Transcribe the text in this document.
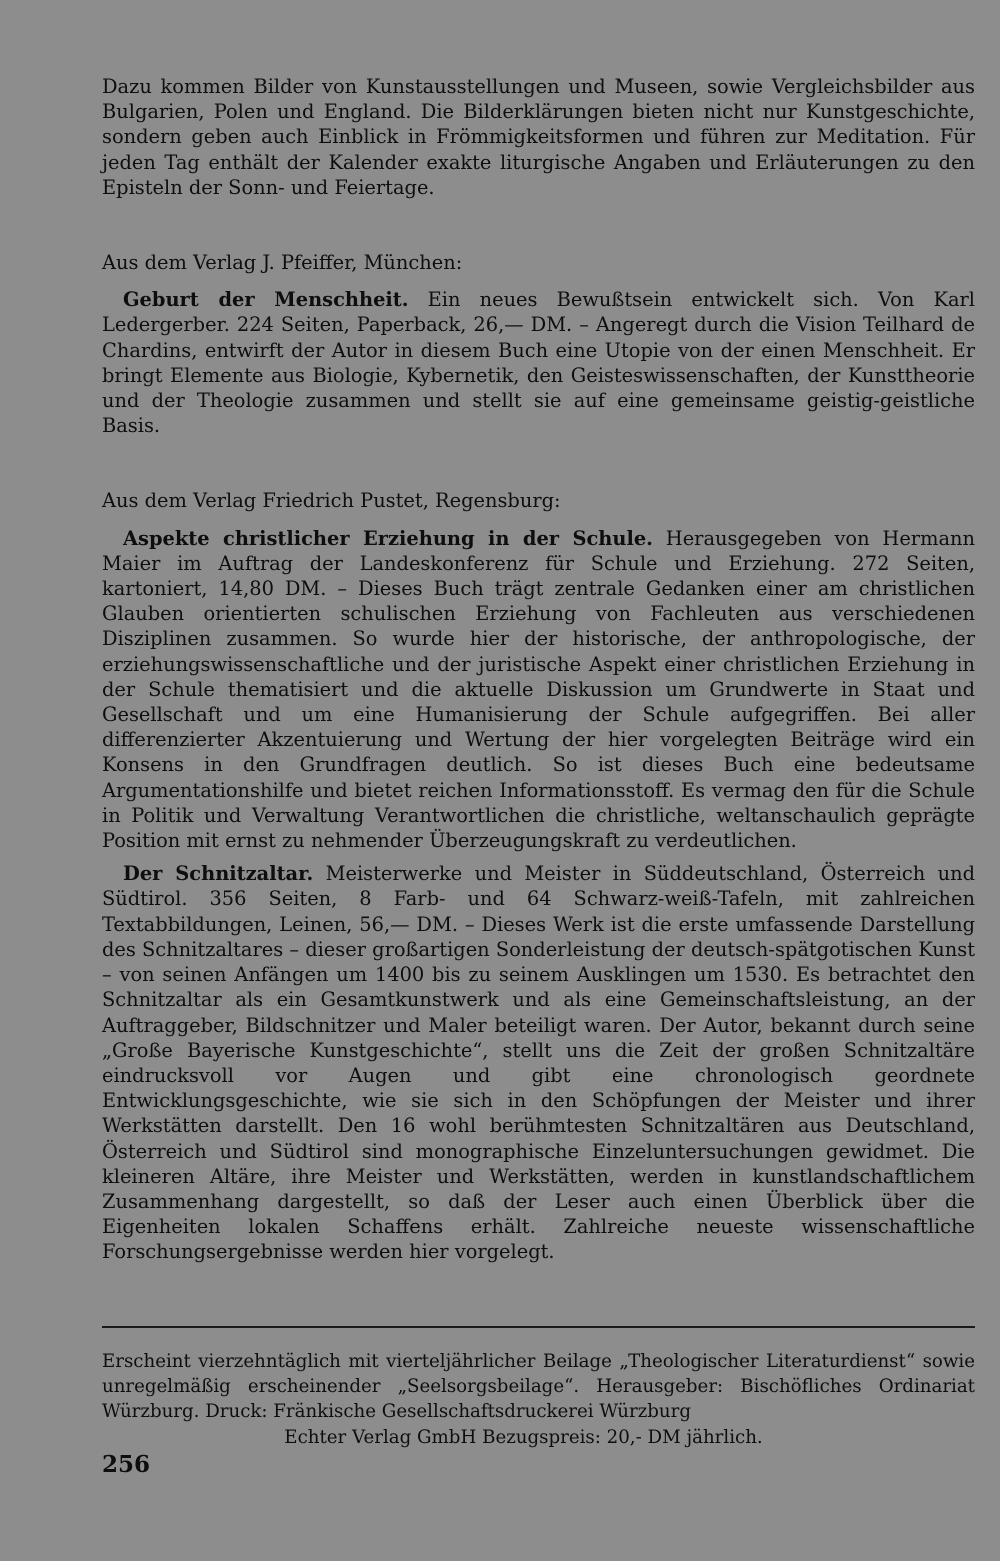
Dazu kommen Bilder von Kunstausstellungen und Museen, sowie Vergleichsbilder aus Bulgarien, Polen und England. Die Bilderklärungen bieten nicht nur Kunstgeschichte, sondern geben auch Einblick in Frömmigkeitsformen und führen zur Meditation. Für jeden Tag enthält der Kalender exakte liturgische Angaben und Erläuterungen zu den Episteln der Sonn- und Feiertage.

Aus dem Verlag J. Pfeiffer, München:

Geburt der Menschheit. Ein neues Bewußtsein entwickelt sich. Von Karl Ledergerber. 224 Seiten, Paperback, 26,— DM. – Angeregt durch die Vision Teilhard de Chardins, entwirft der Autor in diesem Buch eine Utopie von der einen Menschheit. Er bringt Elemente aus Biologie, Kybernetik, den Geisteswissenschaften, der Kunsttheorie und der Theologie zusammen und stellt sie auf eine gemeinsame geistig-geistliche Basis.

Aus dem Verlag Friedrich Pustet, Regensburg:

Aspekte christlicher Erziehung in der Schule. Herausgegeben von Hermann Maier im Auftrag der Landeskonferenz für Schule und Erziehung. 272 Seiten, kartoniert, 14,80 DM. – Dieses Buch trägt zentrale Gedanken einer am christlichen Glauben orientierten schulischen Erziehung von Fachleuten aus verschiedenen Disziplinen zusammen. So wurde hier der historische, der anthropologische, der erziehungswissenschaftliche und der juristische Aspekt einer christlichen Erziehung in der Schule thematisiert und die aktuelle Diskussion um Grundwerte in Staat und Gesellschaft und um eine Humanisierung der Schule aufgegriffen. Bei aller differenzierter Akzentuierung und Wertung der hier vorgelegten Beiträge wird ein Konsens in den Grundfragen deutlich. So ist dieses Buch eine bedeutsame Argumentationshilfe und bietet reichen Informationsstoff. Es vermag den für die Schule in Politik und Verwaltung Verantwortlichen die christliche, weltanschaulich geprägte Position mit ernst zu nehmender Überzeugungskraft zu verdeutlichen.

Der Schnitzaltar. Meisterwerke und Meister in Süddeutschland, Österreich und Südtirol. 356 Seiten, 8 Farb- und 64 Schwarz-weiß-Tafeln, mit zahlreichen Textabbildungen, Leinen, 56,— DM. – Dieses Werk ist die erste umfassende Darstellung des Schnitzaltares – dieser großartigen Sonderleistung der deutsch-spätgotischen Kunst – von seinen Anfängen um 1400 bis zu seinem Ausklingen um 1530. Es betrachtet den Schnitzaltar als ein Gesamtkunstwerk und als eine Gemeinschaftsleistung, an der Auftraggeber, Bildschnitzer und Maler beteiligt waren. Der Autor, bekannt durch seine „Große Bayerische Kunstgeschichte“, stellt uns die Zeit der großen Schnitzaltäre eindrucksvoll vor Augen und gibt eine chronologisch geordnete Entwicklungsgeschichte, wie sie sich in den Schöpfungen der Meister und ihrer Werkstätten darstellt. Den 16 wohl berühmtesten Schnitzaltären aus Deutschland, Österreich und Südtirol sind monographische Einzeluntersuchungen gewidmet. Die kleineren Altäre, ihre Meister und Werkstätten, werden in kunstlandschaftlichem Zusammenhang dargestellt, so daß der Leser auch einen Überblick über die Eigenheiten lokalen Schaffens erhält. Zahlreiche neueste wissenschaftliche Forschungsergebnisse werden hier vorgelegt.

Erscheint vierzehntäglich mit vierteljährlicher Beilage „Theologischer Literaturdienst“ sowie unregelmäßig erscheinender „Seelsorgsbeilage“. Herausgeber: Bischöfliches Ordinariat Würzburg. Druck: Fränkische Gesellschaftsdruckerei Würzburg

Echter Verlag GmbH Bezugspreis: 20,- DM jährlich.

256
